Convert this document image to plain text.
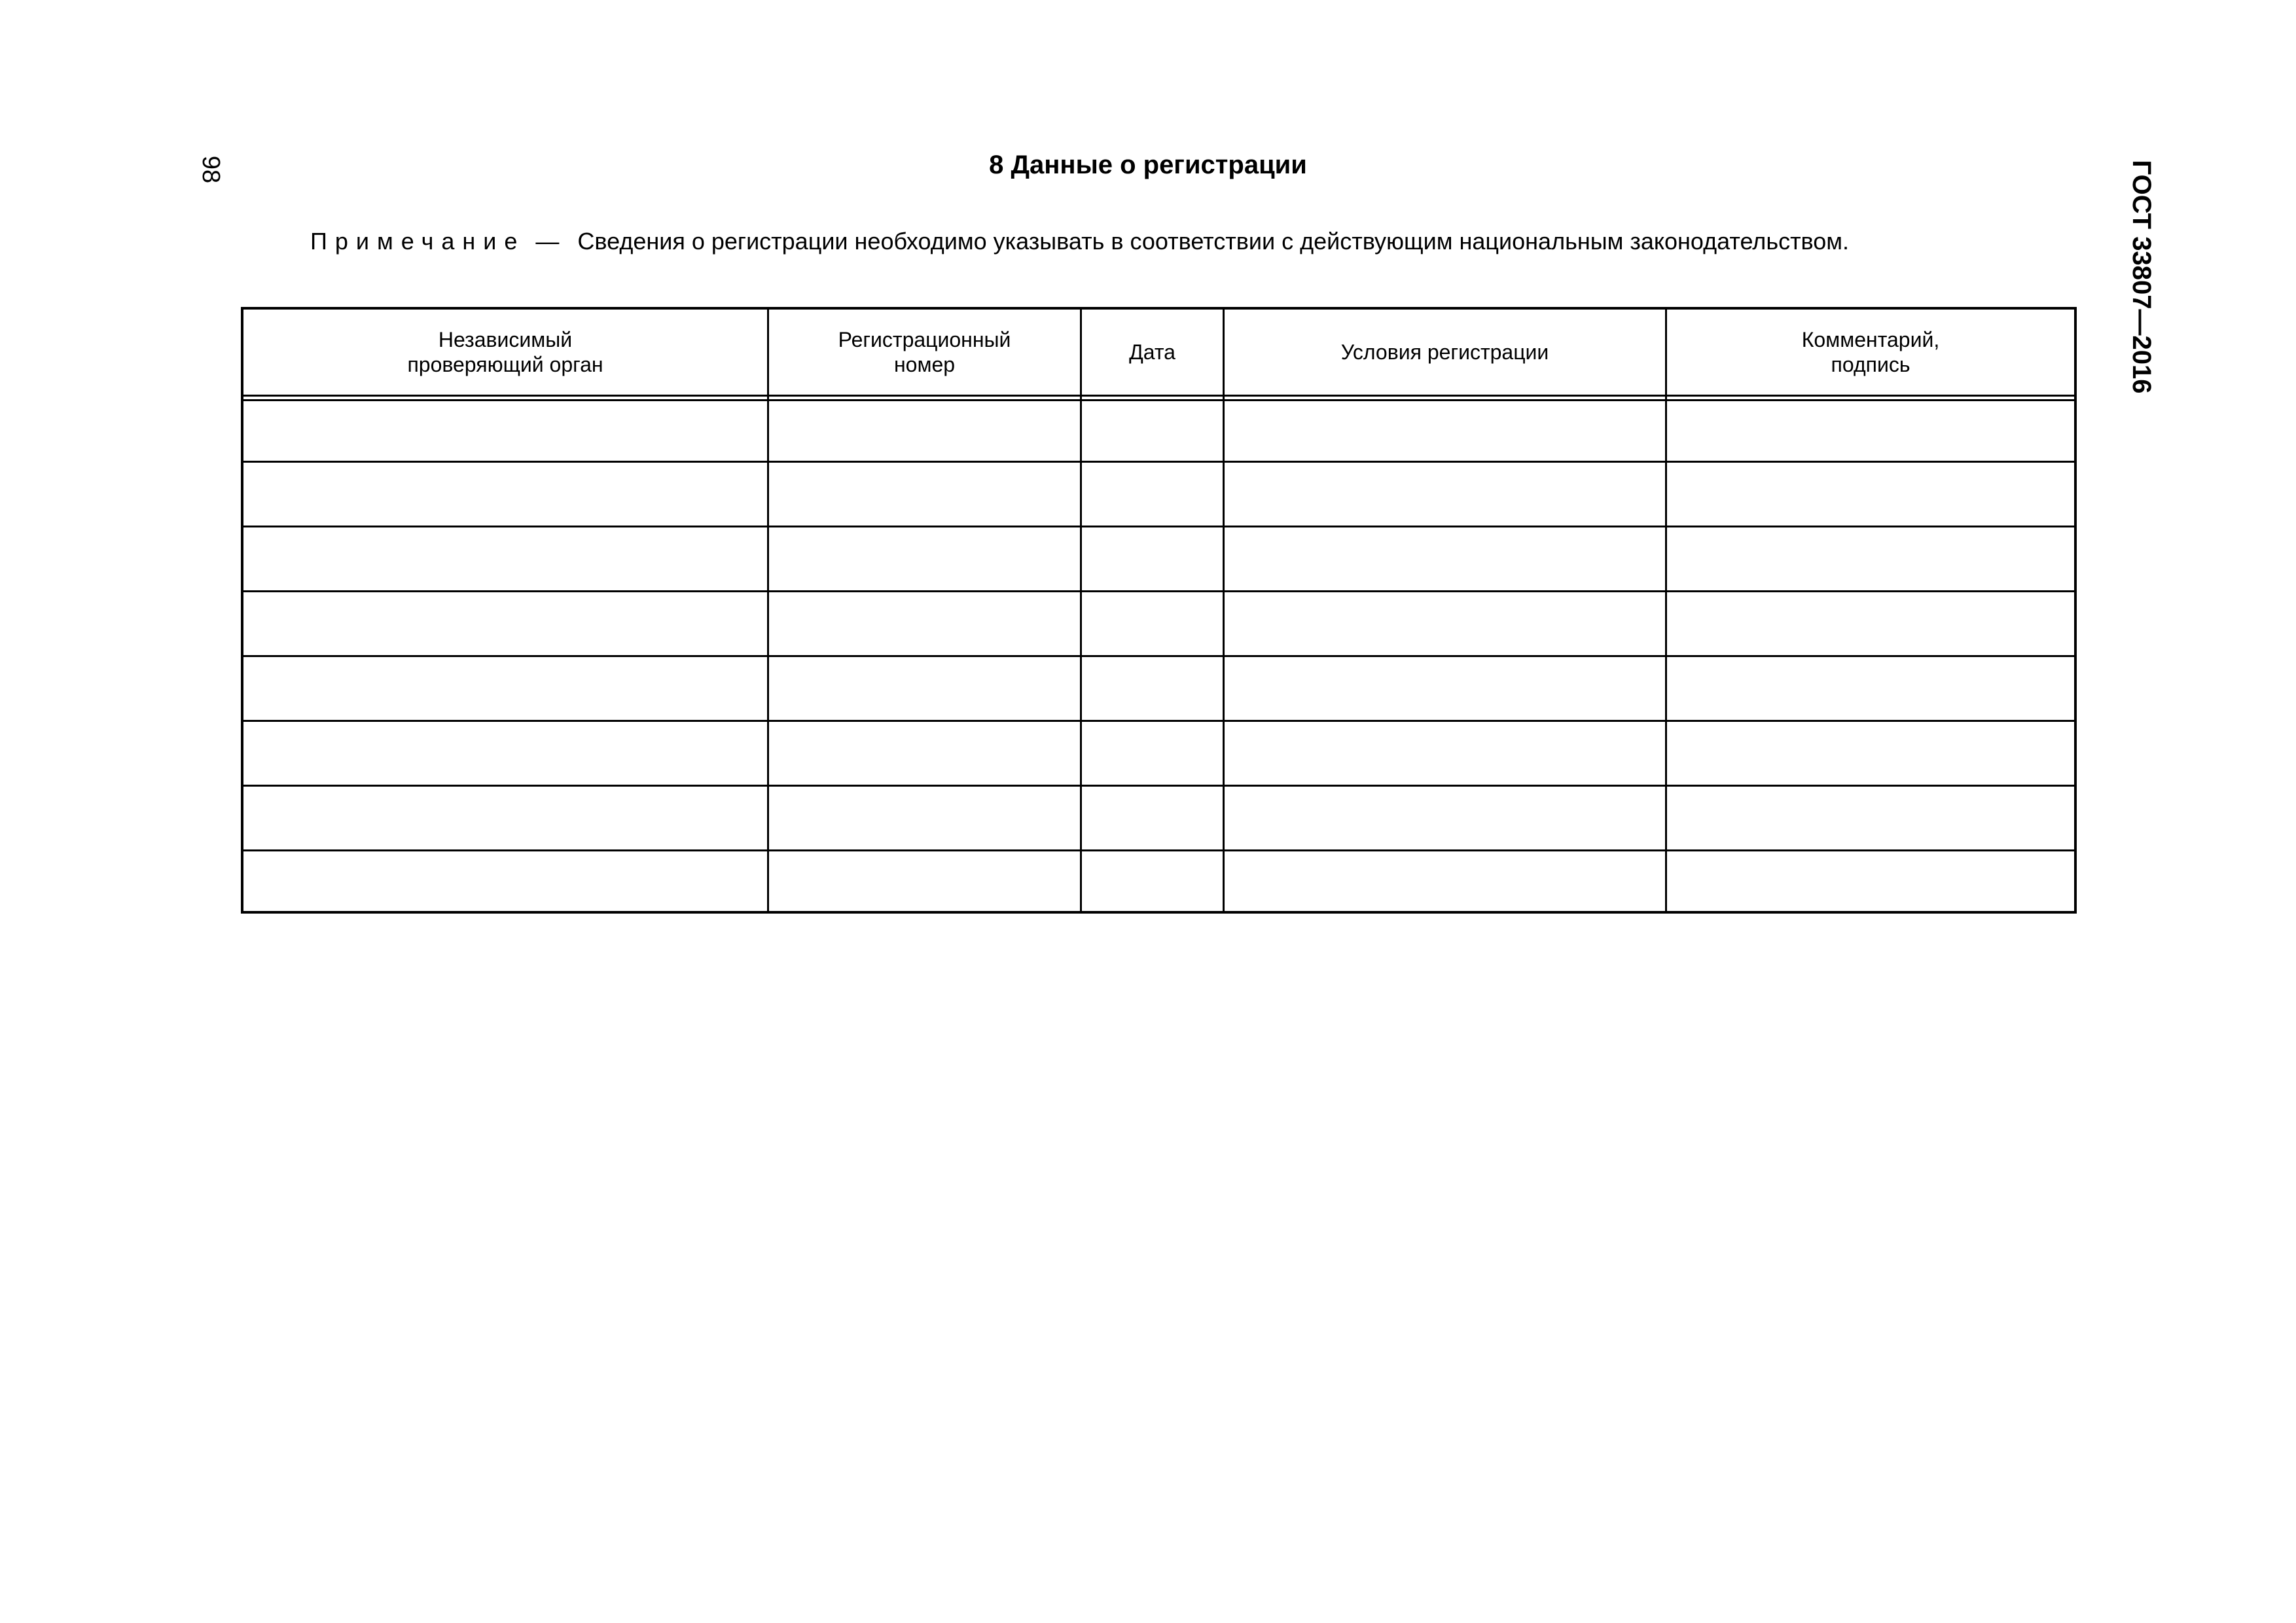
98	ГОСТ 33807—2016
8 Данные о регистрации
Примечание — Сведения о регистрации необходимо указывать в соответствии с действующим национальным законодательством.
Независимый
проверяющий орган
Регистрационный
номер
Дата	Условия регистрации
Комментарий,
подпись
